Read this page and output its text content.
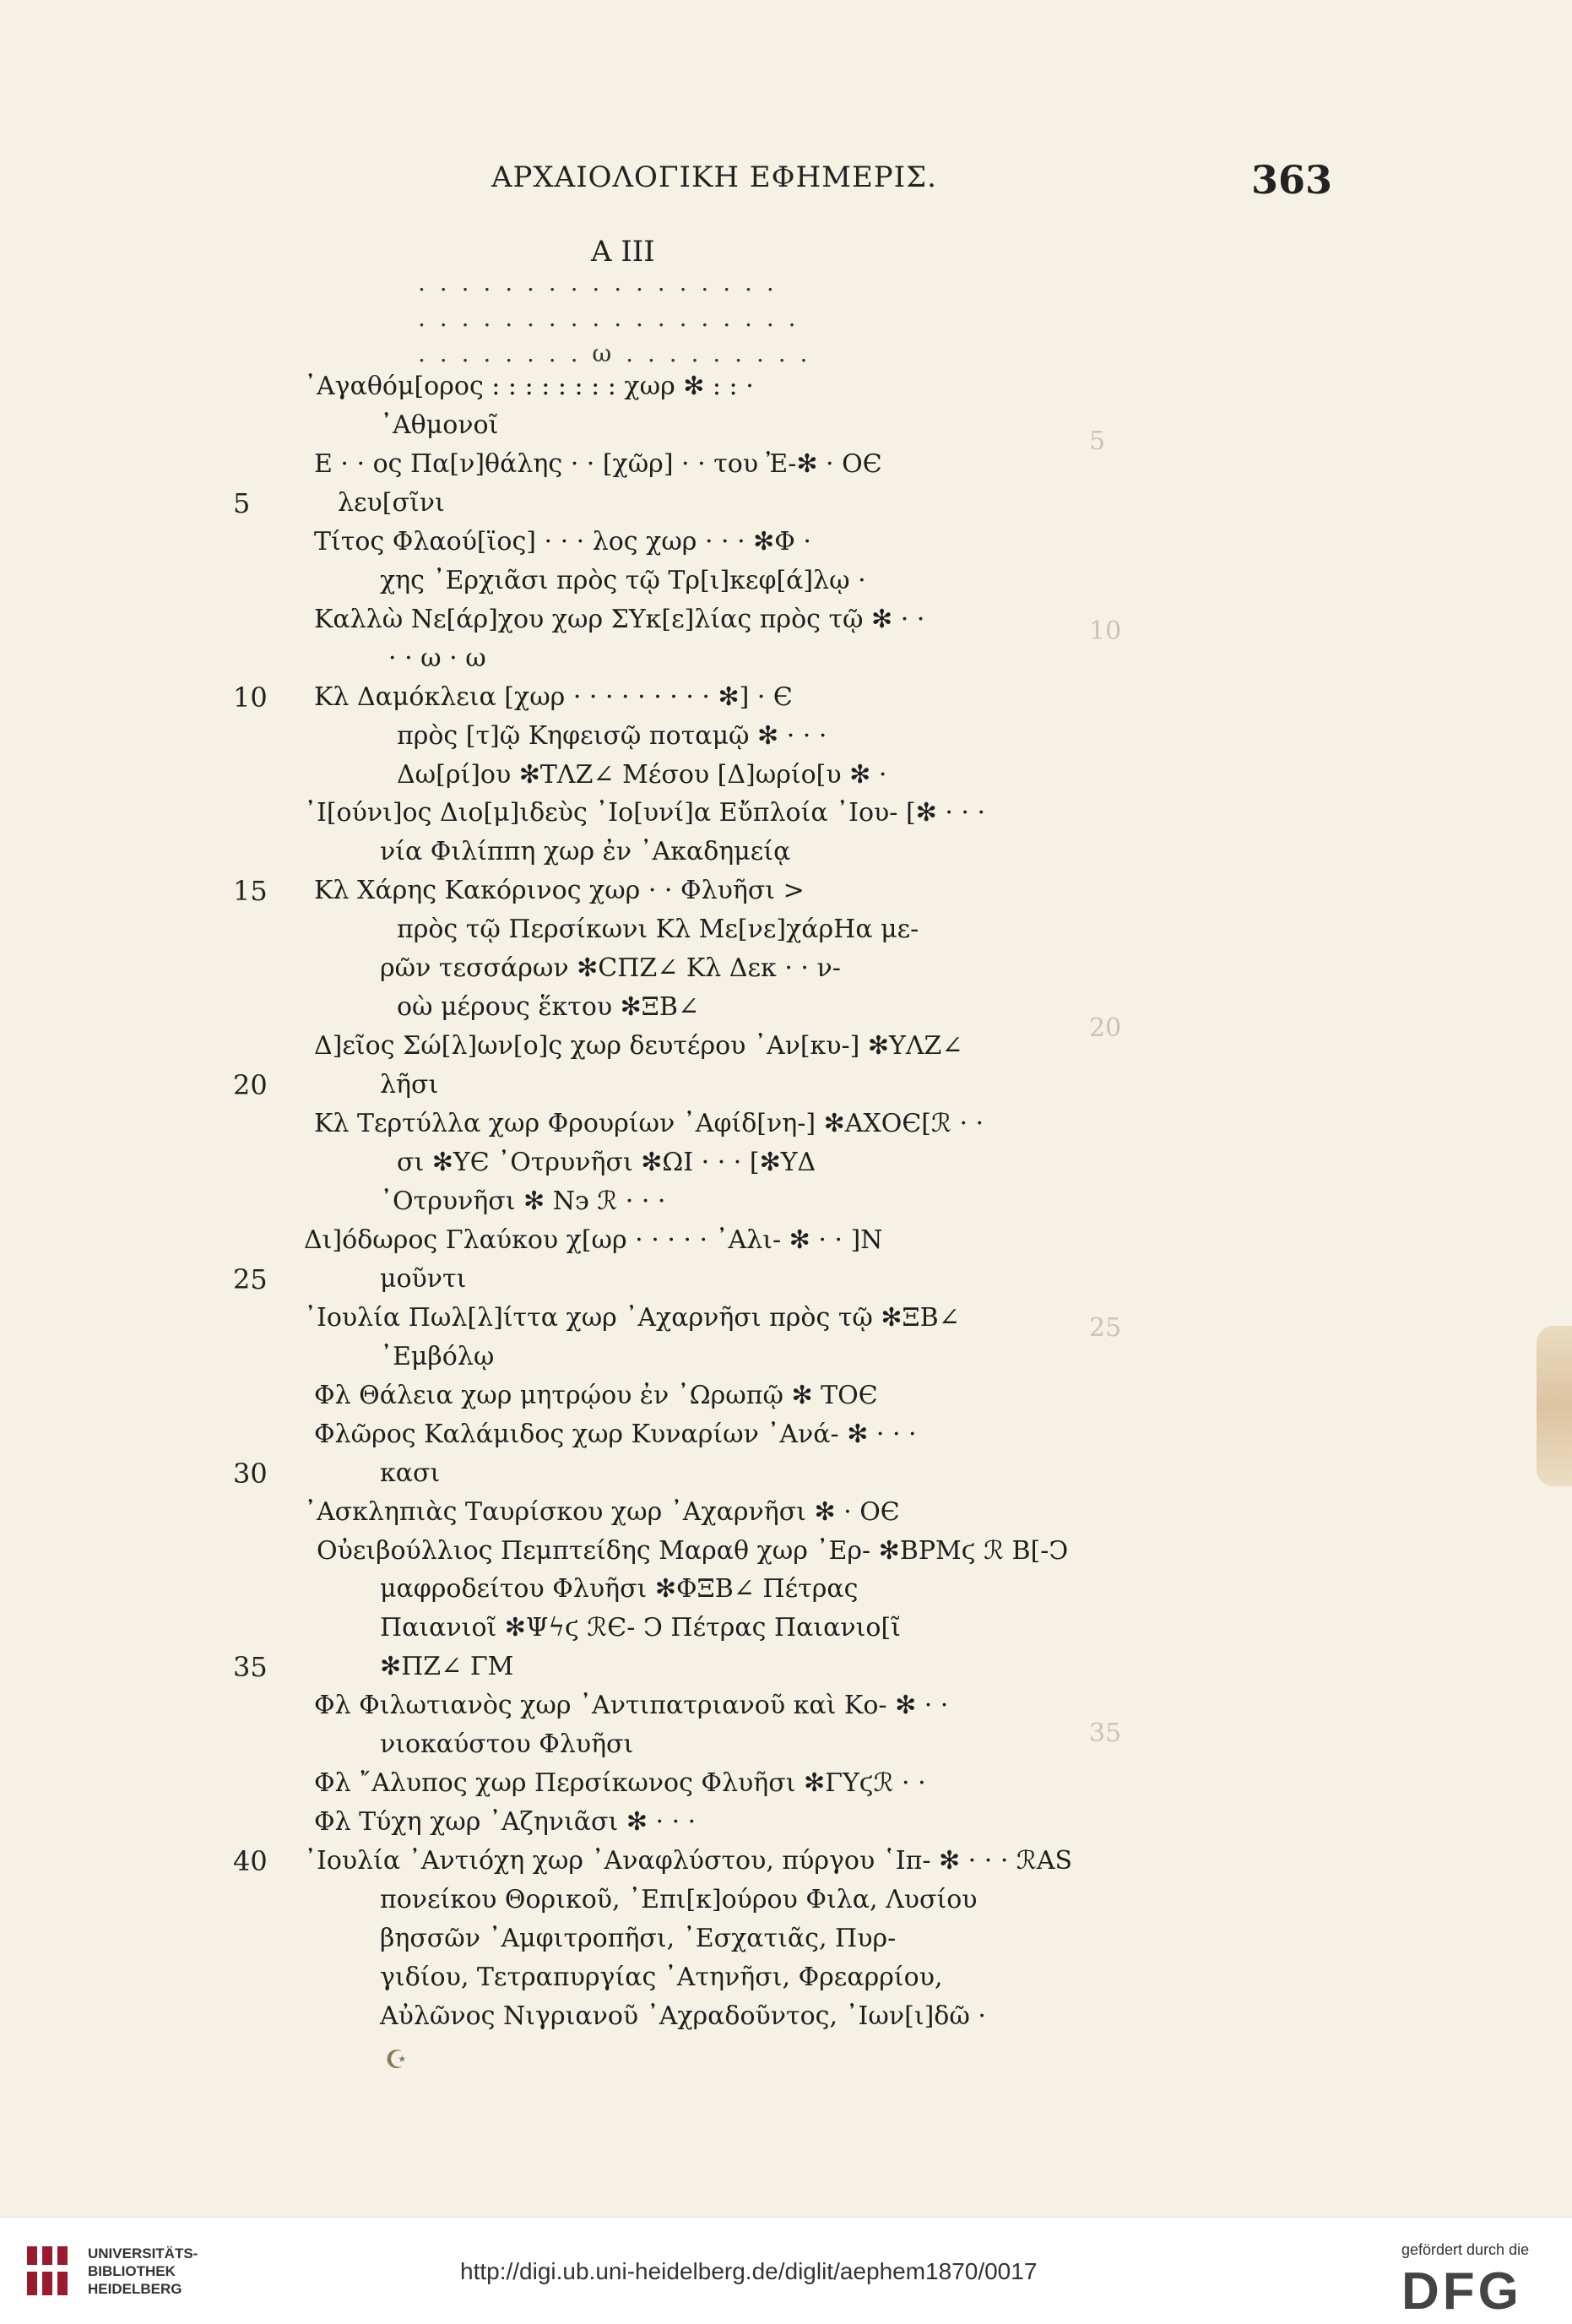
ΑΡΧΑΙΟΛΟΓΙΚΗ ΕΦΗΜΕΡΙΣ.	363
A III
. . . . . . . . . . . . . . . . .
. . . . . . . . . . . . . . . . . .
. . . . . . . . ω . . . . . . . . .
᾿Αγαθόμ[ορος : : : : : : : : χωρ ✻ : : ·
᾿Αθμονοῖ
Ε · · ος Πα[ν]θάλης · · [χῶρ] · · του Ἐ-✻ · ΟЄ
λευ[σῖνι
5
Τίτος Φλαού[ϊος] · · · λος χωρ · · · ✻Φ ·
χης ᾿Ερχιᾶσι πρὸς τῷ Τρ[ι]κεφ[ά]λῳ ·
Καλλὼ Νε[άρ]χου χωρ ΣΥκ[ε]λίας πρὸς τῷ ✻ · ·
· · ω · ω
Κλ Δαμόκλεια [χωρ · · · · · · · · · ✻] · Є
10
πρὸς [τ]ῷ Κηφεισῷ ποταμῷ ✻ · · ·
Δω[ρί]ου ✻ΤΛΖ∠ Μέσου [Δ]ωρίο[υ ✻ ·
᾿Ι[ούνι]ος Διο[μ]ιδεὺς ᾿Ιο[υνί]α Εὔπλοία ᾿Ιου- [✻ · · ·
νία Φιλίππη χωρ ἐν ᾿Ακαδημείᾳ
Κλ Χάρης Κακόρινος χωρ · · Φλυῆσι >
15
πρὸς τῷ Περσίκωνι Κλ Με[νε]χάρΗα με-
ρῶν τεσσάρων ✻CΠΖ∠ Κλ Δεκ · · ν-
οὼ μέρους ἕκτου ✻ΞΒ∠
Δ]εῖος Σώ[λ]ων[ο]ς χωρ δευτέρου ᾿Αν[κυ-] ✻ΥΛΖ∠
λῆσι
20
Κλ Τερτύλλα χωρ Φρουρίων ᾿Αφίδ[νη-] ✻ΑΧΟЄ[ℛ · ·
σι ✻ΥЄ ᾿Οτρυνῆσι ✻ΩΙ · · · [✻ΥΔ
᾿Οτρυνῆσι ✻ Ν϶ ℛ · · ·
Δι]όδωρος Γλαύκου χ[ωρ · · · · · ᾿Αλι- ✻ · · ]Ν
μοῦντι
25
᾿Ιουλία Πωλ[λ]ίττα χωρ ᾿Αχαρνῆσι πρὸς τῷ ✻ΞΒ∠
᾿Εμβόλῳ
Φλ Θάλεια χωρ μητρῴου ἐν ᾿Ωρωπῷ ✻ ΤΟЄ
Φλῶρος Καλάμιδος χωρ Κυναρίων ᾿Ανά- ✻ · · ·
κασι
30
᾿Ασκληπιὰς Ταυρίσκου χωρ ᾿Αχαρνῆσι ✻ · ΟЄ
Οὐειβούλλιος Πεμπτείδης Μαραθ χωρ ᾿Ερ- ✻ΒΡΜϛ ℛ Β[-Ͻ
μαφροδείτου Φλυῆσι ✻ΦΞΒ∠ Πέτρας
Παιανιοῖ ✻Ψϟϛ ℛЄ- Ͻ Πέτρας Παιανιο[ῖ
✻ΠΖ∠ ΓΜ
35
Φλ Φιλωτιανὸς χωρ ᾿Αντιπατριανοῦ καὶ Κο- ✻ · ·
νιοκαύστου Φλυῆσι
Φλ ῎Αλυπος χωρ Περσίκωνος Φλυῆσι ✻ΓΥϛℛ · ·
Φλ Τύχη χωρ ᾿Αζηνιᾶσι ✻ · · ·
᾿Ιουλία ᾿Αντιόχη χωρ ᾿Αναφλύστου, πύργου ῾Ιπ- ✻ · · · ℛAS
40
πονείκου Θορικοῦ, ᾿Επι[κ]ούρου Φιλα, Λυσίου
βησσῶν ᾿Αμφιτροπῆσι, ᾿Εσχατιᾶς, Πυρ-
γιδίου, Τετραπυργίας ᾿Ατηνῆσι, Φρεαρρίου,
Αὐλῶνος Νιγριανοῦ ᾿Αχραδοῦντος, ᾿Ιων[ι]δῶ ·
5
10
20
25
35
☪
UNIVERSITÄTS-
BIBLIOTHEK
HEIDELBERG
http://digi.ub.uni-heidelberg.de/diglit/aephem1870/0017
gefördert durch die
DFG
